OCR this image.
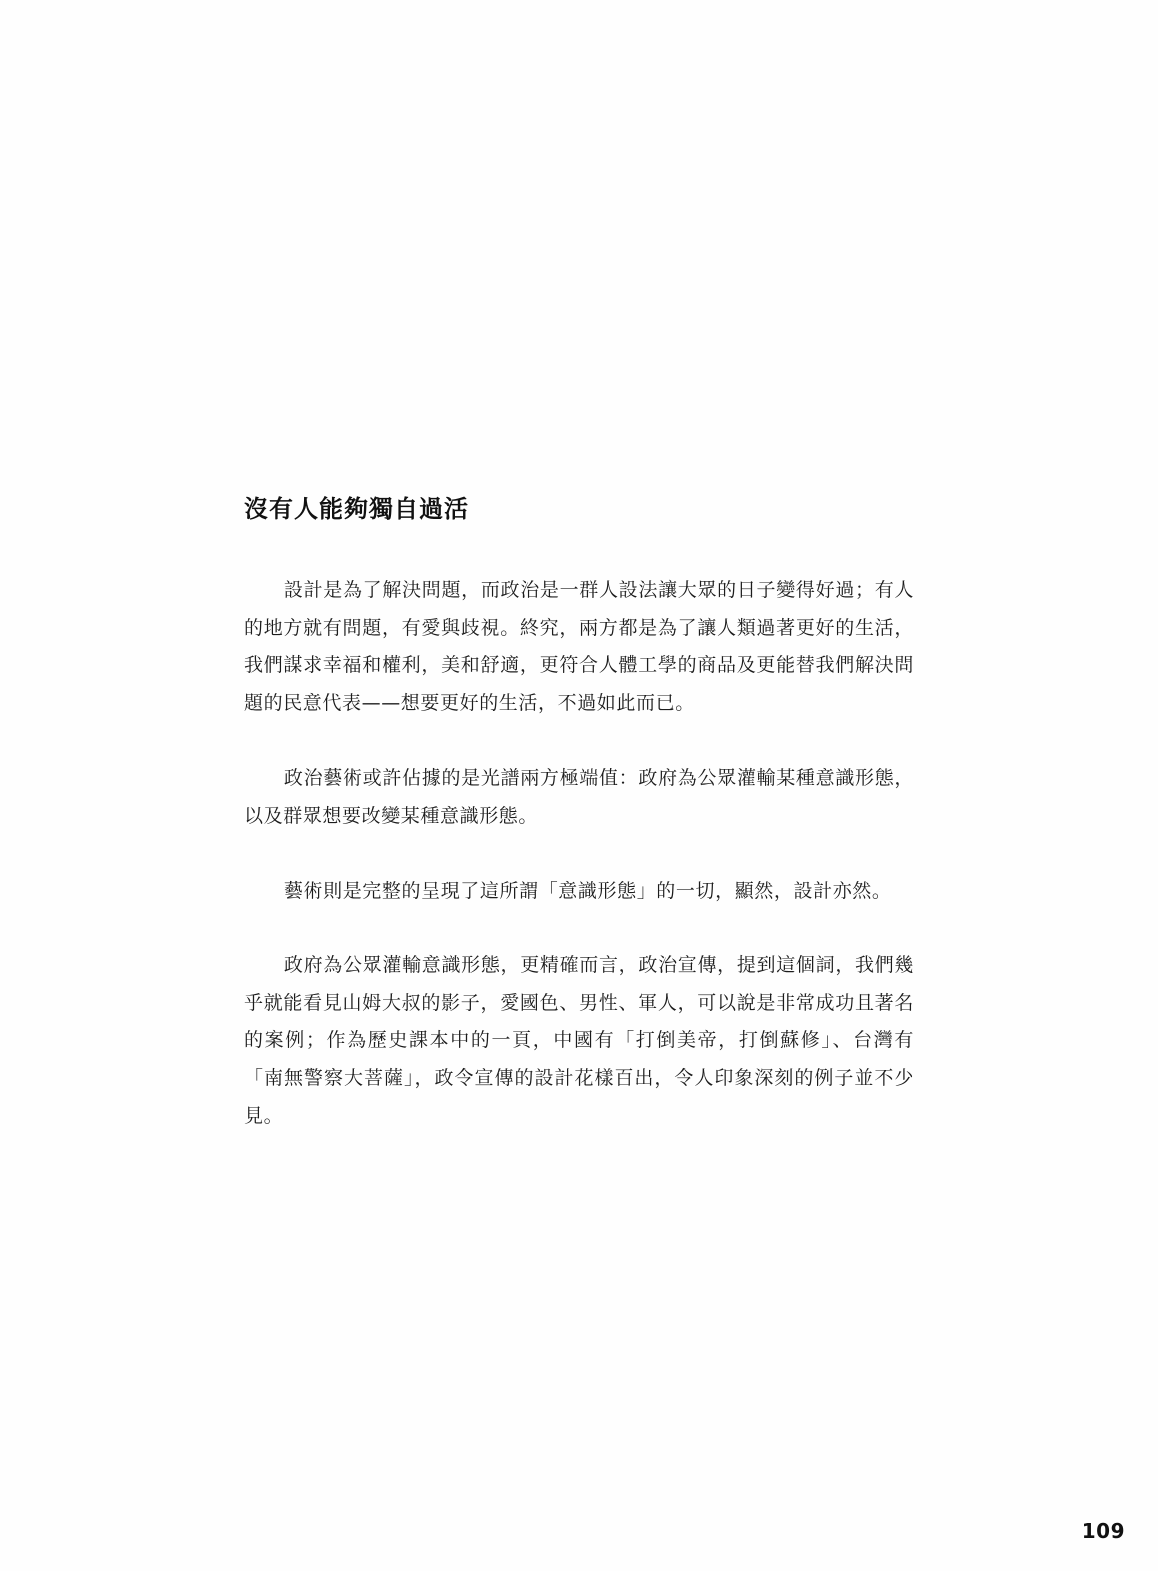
沒有人能夠獨自過活

設計是為了解決問題，而政治是一群人設法讓大眾的日子變得好過；有人的地方就有問題，有愛與歧視。終究，兩方都是為了讓人類過著更好的生活，我們謀求幸福和權利，美和舒適，更符合人體工學的商品及更能替我們解決問題的民意代表——想要更好的生活，不過如此而已。

政治藝術或許佔據的是光譜兩方極端值：政府為公眾灌輸某種意識形態，以及群眾想要改變某種意識形態。

藝術則是完整的呈現了這所謂「意識形態」的一切，顯然，設計亦然。

政府為公眾灌輸意識形態，更精確而言，政治宣傳，提到這個詞，我們幾乎就能看見山姆大叔的影子，愛國色、男性、軍人，可以說是非常成功且著名的案例；作為歷史課本中的一頁，中國有「打倒美帝，打倒蘇修」、台灣有「南無警察大菩薩」，政令宣傳的設計花樣百出，令人印象深刻的例子並不少見。

109
